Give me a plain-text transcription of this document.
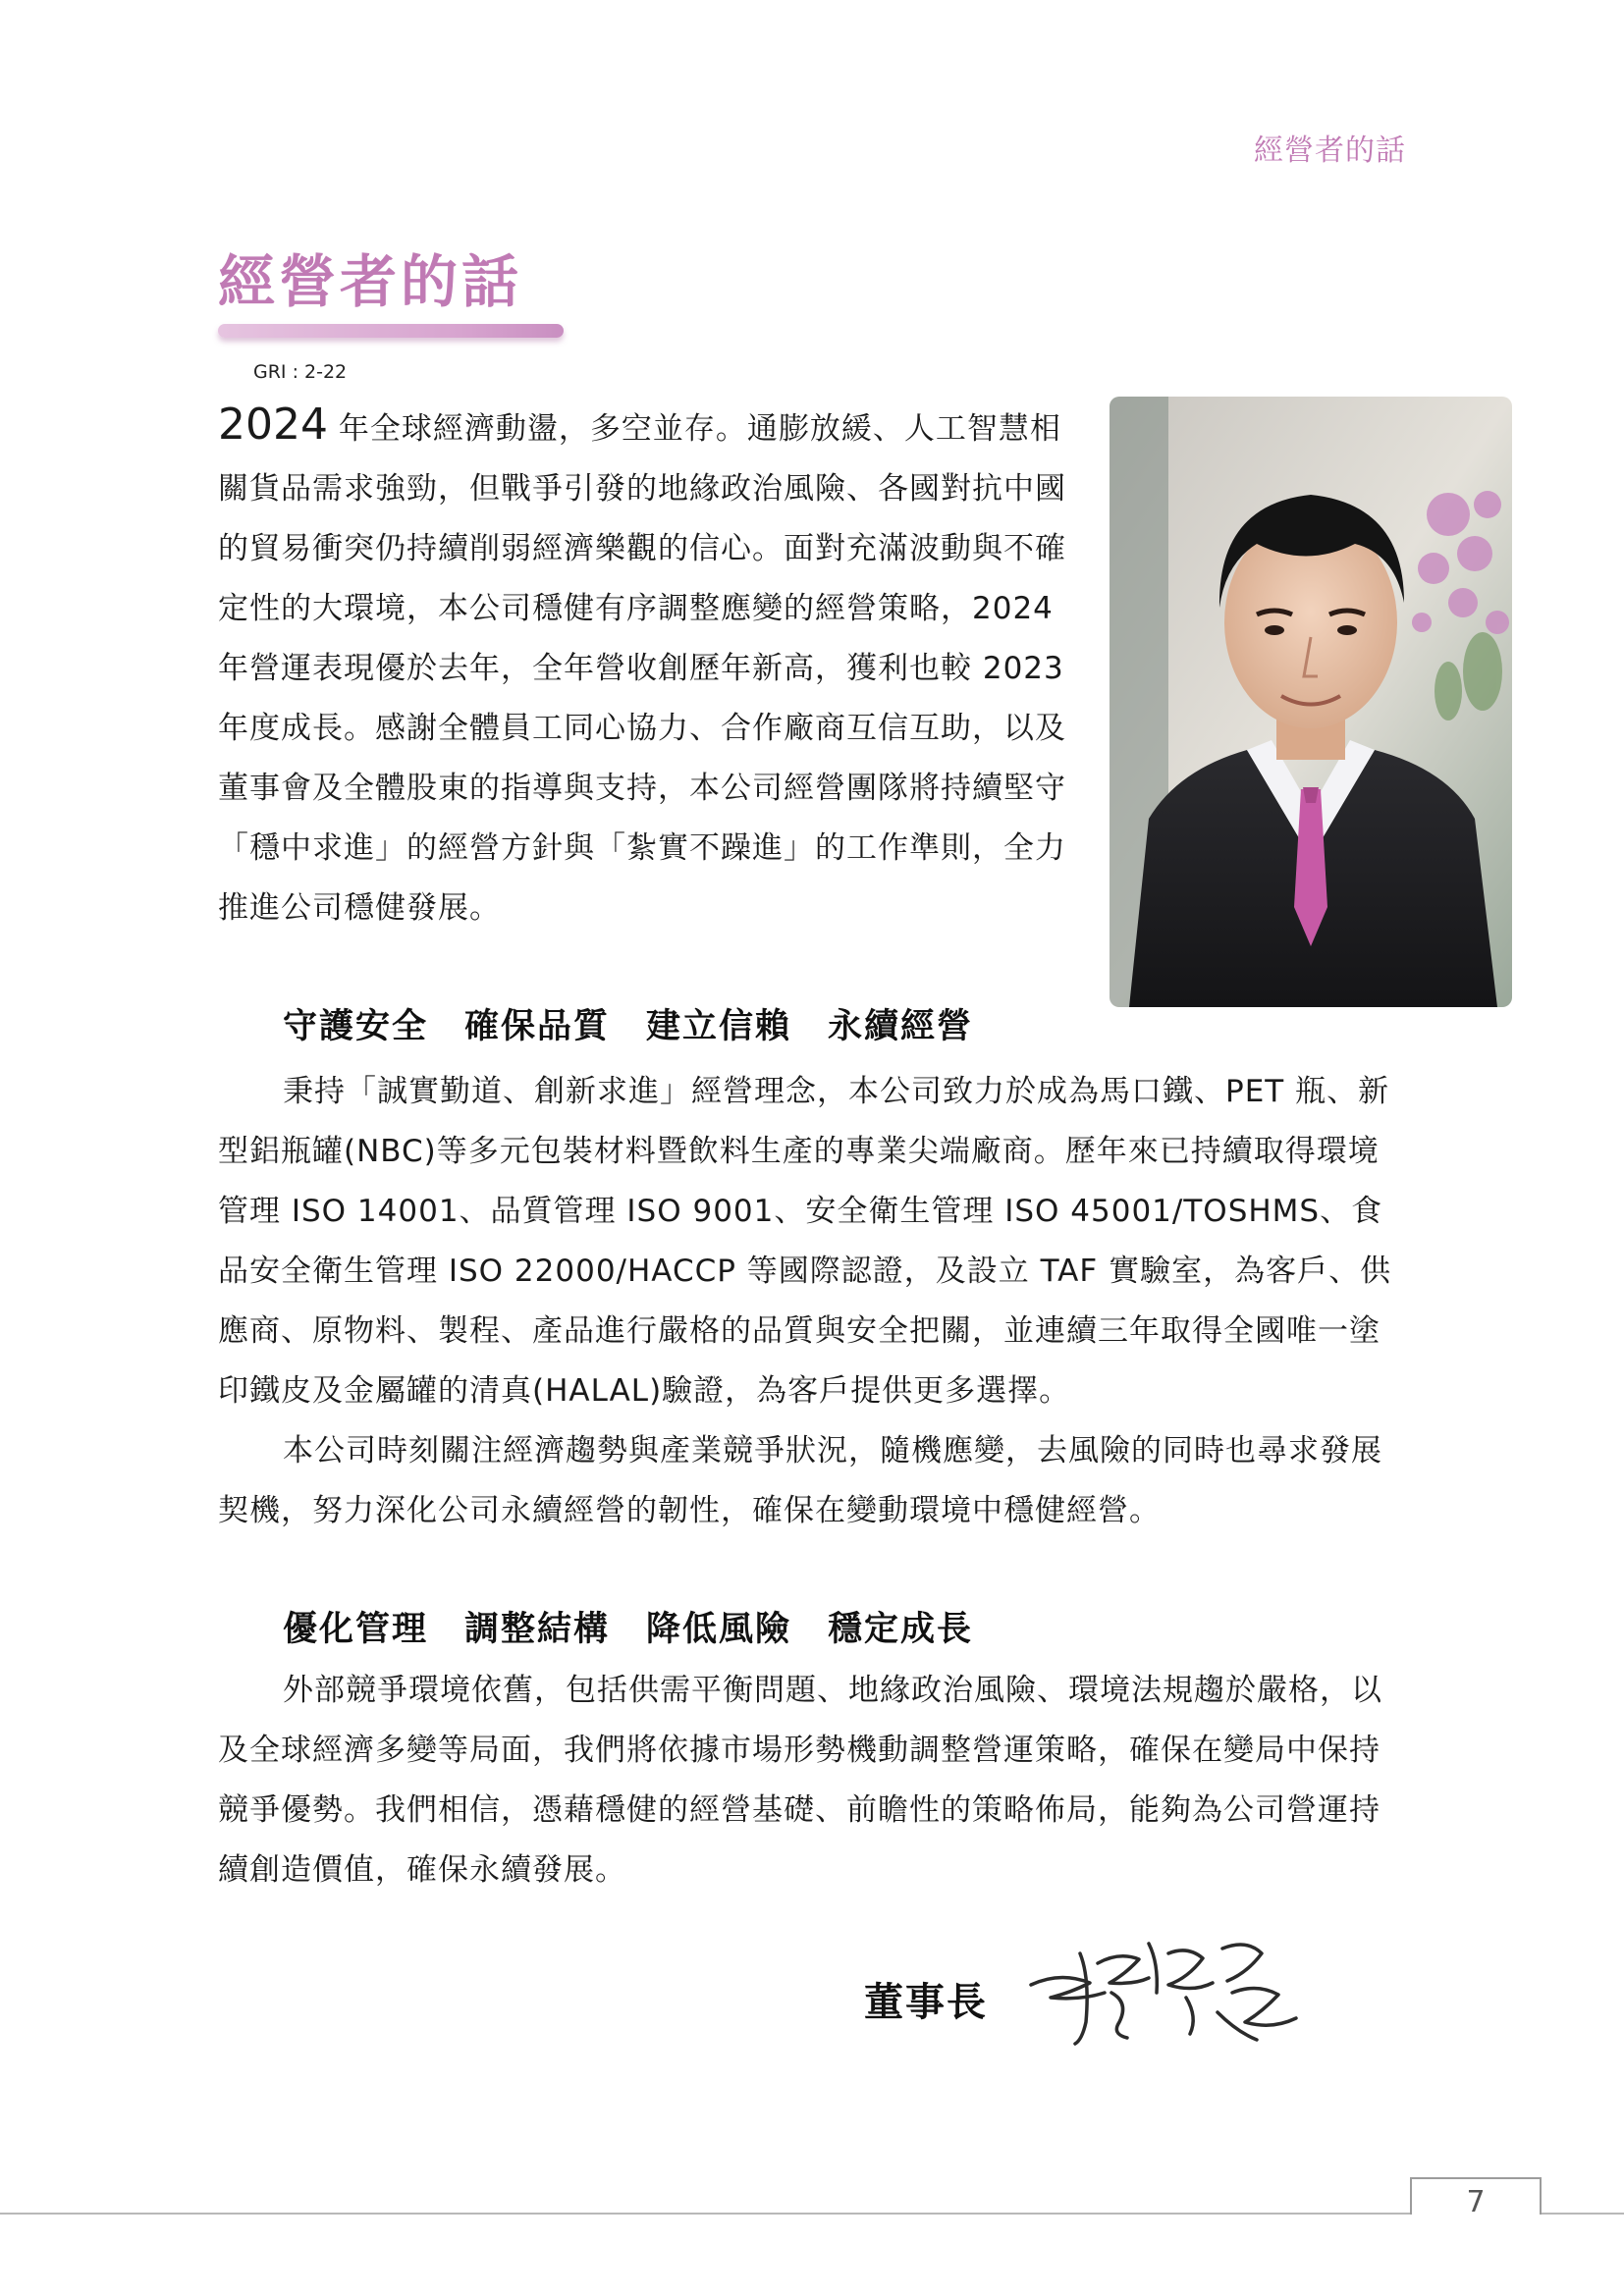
經營者的話
經營者的話
GRI : 2-22

2024 年全球經濟動盪，多空並存。通膨放緩、人工智慧相關貨品需求強勁，但戰爭引發的地緣政治風險、各國對抗中國的貿易衝突仍持續削弱經濟樂觀的信心。面對充滿波動與不確定性的大環境，本公司穩健有序調整應變的經營策略，2024 年營運表現優於去年，全年營收創歷年新高，獲利也較 2023 年度成長。感謝全體員工同心協力、合作廠商互信互助，以及董事會及全體股東的指導與支持，本公司經營團隊將持續堅守「穩中求進」的經營方針與「紮實不躁進」的工作準則，全力推進公司穩健發展。

守護安全　確保品質　建立信賴　永續經營

秉持「誠實勤道、創新求進」經營理念，本公司致力於成為馬口鐵、PET 瓶、新型鋁瓶罐(NBC)等多元包裝材料暨飲料生產的專業尖端廠商。歷年來已持續取得環境管理 ISO 14001、品質管理 ISO 9001、安全衛生管理 ISO 45001/TOSHMS、食品安全衛生管理 ISO 22000/HACCP 等國際認證，及設立 TAF 實驗室，為客戶、供應商、原物料、製程、產品進行嚴格的品質與安全把關，並連續三年取得全國唯一塗印鐵皮及金屬罐的清真(HALAL)驗證，為客戶提供更多選擇。

本公司時刻關注經濟趨勢與產業競爭狀況，隨機應變，去風險的同時也尋求發展契機，努力深化公司永續經營的韌性，確保在變動環境中穩健經營。

優化管理　調整結構　降低風險　穩定成長

外部競爭環境依舊，包括供需平衡問題、地緣政治風險、環境法規趨於嚴格，以及全球經濟多變等局面，我們將依據市場形勢機動調整營運策略，確保在變局中保持競爭優勢。我們相信，憑藉穩健的經營基礎、前瞻性的策略佈局，能夠為公司營運持續創造價值，確保永續發展。

董事長
7
